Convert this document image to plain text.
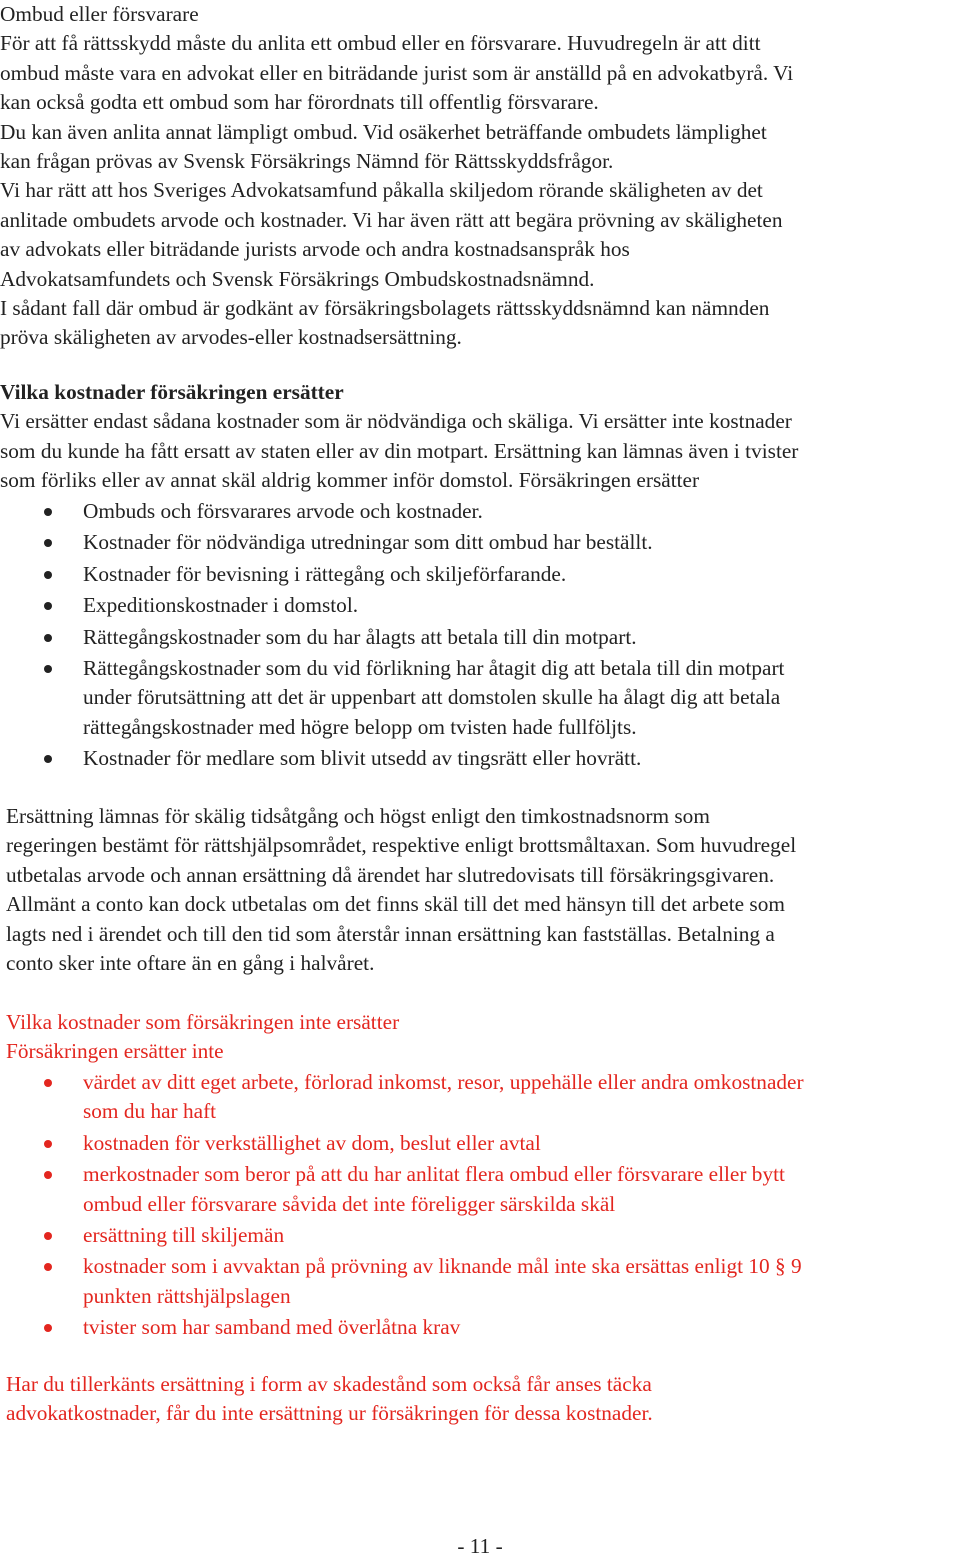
Ombud eller försvarare
För att få rättsskydd måste du anlita ett ombud eller en försvarare. Huvudregeln är att ditt
ombud måste vara en advokat eller en biträdande jurist som är anställd på en advokatbyrå. Vi
kan också godta ett ombud som har förordnats till offentlig försvarare.
Du kan även anlita annat lämpligt ombud. Vid osäkerhet beträffande ombudets lämplighet
kan frågan prövas av Svensk Försäkrings Nämnd för Rättsskyddsfrågor.
Vi har rätt att hos Sveriges Advokatsamfund påkalla skiljedom rörande skäligheten av det
anlitade ombudets arvode och kostnader. Vi har även rätt att begära prövning av skäligheten
av advokats eller biträdande jurists arvode och andra kostnadsanspråk hos
Advokatsamfundets och Svensk Försäkrings Ombudskostnadsnämnd.
I sådant fall där ombud är godkänt av försäkringsbolagets rättsskyddsnämnd kan nämnden
pröva skäligheten av arvodes-eller kostnadsersättning.
Vilka kostnader försäkringen ersätter
Vi ersätter endast sådana kostnader som är nödvändiga och skäliga. Vi ersätter inte kostnader
som du kunde ha fått ersatt av staten eller av din motpart. Ersättning kan lämnas även i tvister
som förliks eller av annat skäl aldrig kommer inför domstol. Försäkringen ersätter
Ombuds och försvarares arvode och kostnader.
Kostnader för nödvändiga utredningar som ditt ombud har beställt.
Kostnader för bevisning i rättegång och skiljeförfarande.
Expeditionskostnader i domstol.
Rättegångskostnader som du har ålagts att betala till din motpart.
Rättegångskostnader som du vid förlikning har åtagit dig att betala till din motpart
under förutsättning att det är uppenbart att domstolen skulle ha ålagt dig att betala
rättegångskostnader med högre belopp om tvisten hade fullföljts.
Kostnader för medlare som blivit utsedd av tingsrätt eller hovrätt.
Ersättning lämnas för skälig tidsåtgång och högst enligt den timkostnadsnorm som
regeringen bestämt för rättshjälpsområdet, respektive enligt brottsmåltaxan. Som huvudregel
utbetalas arvode och annan ersättning då ärendet har slutredovisats till försäkringsgivaren.
Allmänt a conto kan dock utbetalas om det finns skäl till det med hänsyn till det arbete som
lagts ned i ärendet och till den tid som återstår innan ersättning kan fastställas. Betalning a
conto sker inte oftare än en gång i halvåret.
Vilka kostnader som försäkringen inte ersätter
Försäkringen ersätter inte
värdet av ditt eget arbete, förlorad inkomst, resor, uppehälle eller andra omkostnader
som du har haft
kostnaden för verkställighet av dom, beslut eller avtal
merkostnader som beror på att du har anlitat flera ombud eller försvarare eller bytt
ombud eller försvarare såvida det inte föreligger särskilda skäl
ersättning till skiljemän
kostnader som i avvaktan på prövning av liknande mål inte ska ersättas enligt 10 § 9
punkten rättshjälpslagen
tvister som har samband med överlåtna krav
Har du tillerkänts ersättning i form av skadestånd som också får anses täcka
advokatkostnader, får du inte ersättning ur försäkringen för dessa kostnader.
- 11 -
